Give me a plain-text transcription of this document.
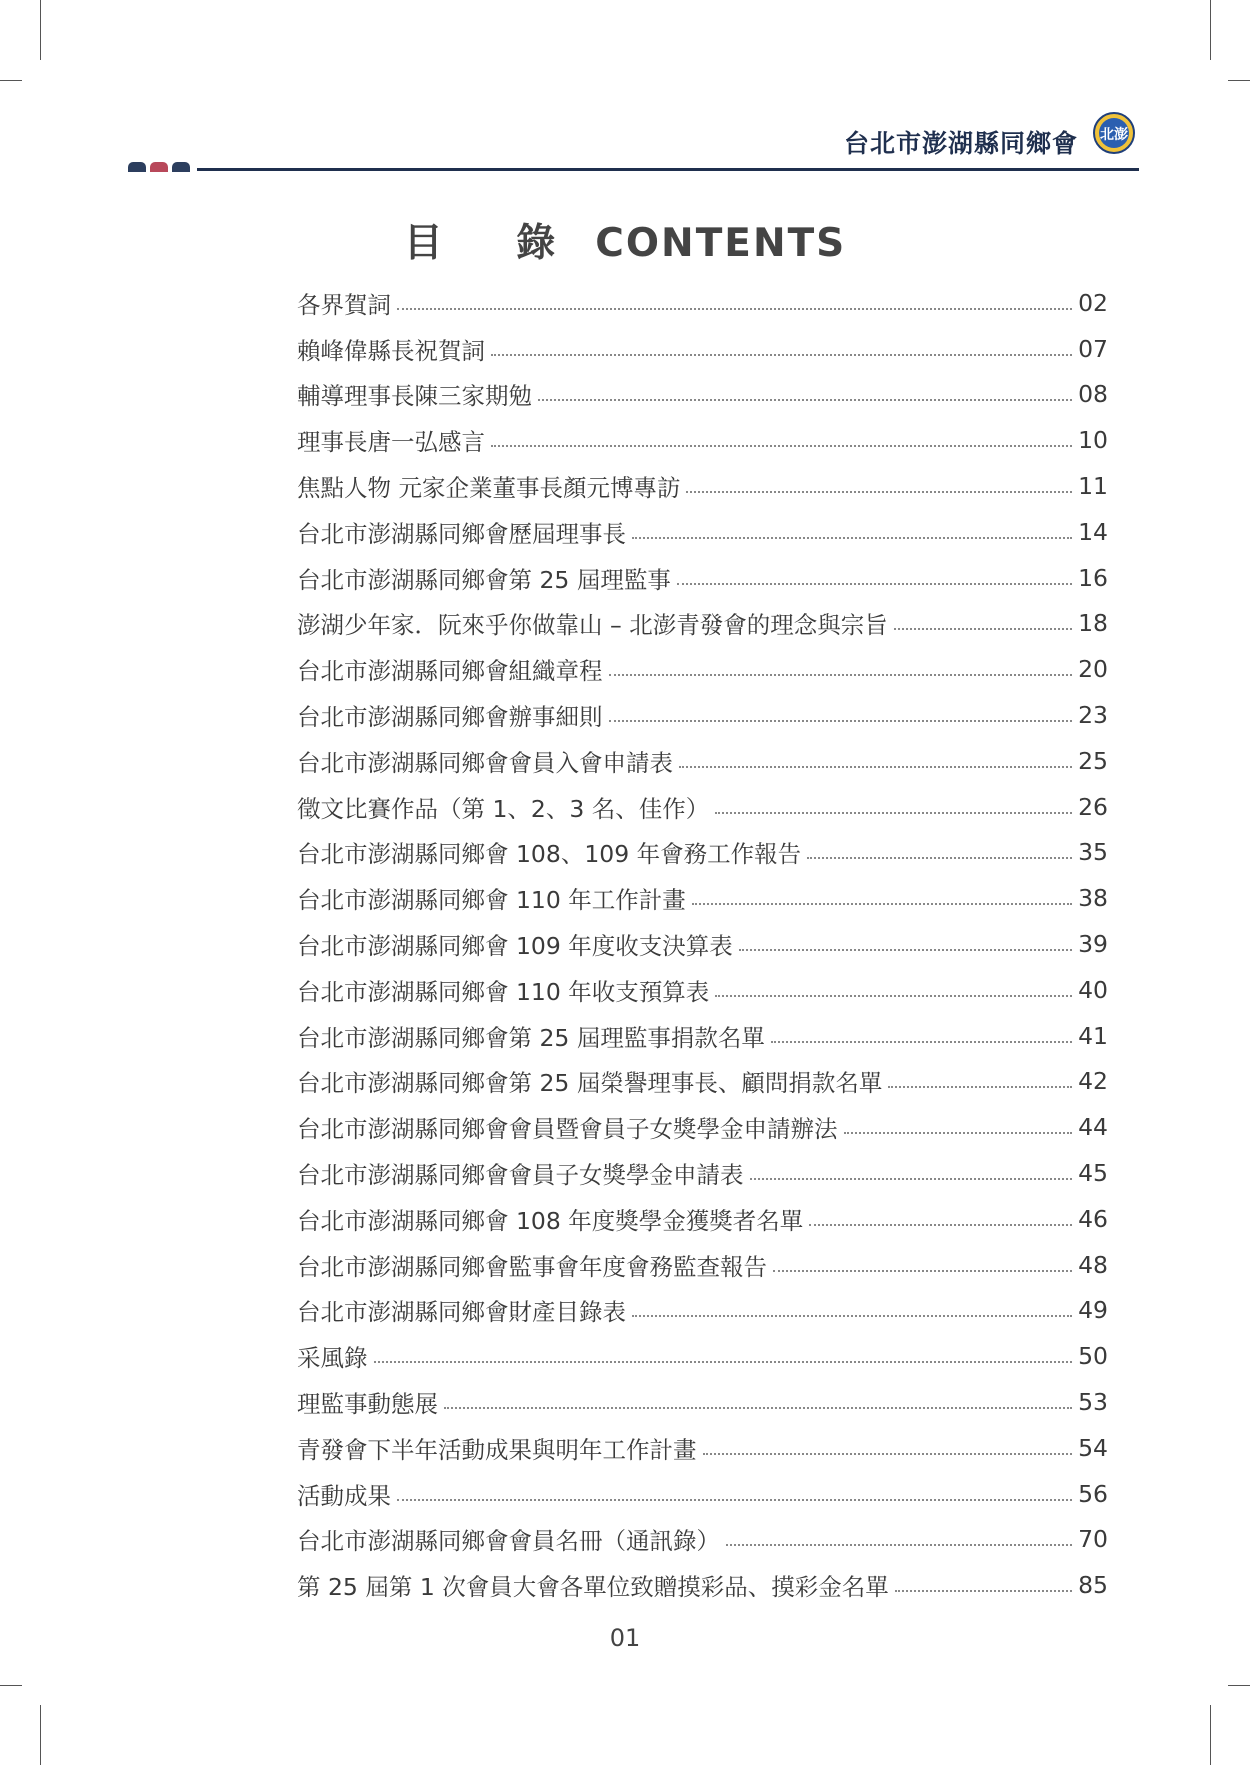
台北市澎湖縣同鄉會 北澎
目 錄 CONTENTS
各界賀詞	02
賴峰偉縣長祝賀詞	07
輔導理事長陳三家期勉	08
理事長唐一弘感言	10
焦點人物 元家企業董事長顏元博專訪	11
台北市澎湖縣同鄉會歷屆理事長	14
台北市澎湖縣同鄉會第 25 屆理監事	16
澎湖少年家．阮來乎你做靠山 – 北澎青發會的理念與宗旨	18
台北市澎湖縣同鄉會組織章程	20
台北市澎湖縣同鄉會辦事細則	23
台北市澎湖縣同鄉會會員入會申請表	25
徵文比賽作品（第 1、2、3 名、佳作）	26
台北市澎湖縣同鄉會 108、109 年會務工作報告	35
台北市澎湖縣同鄉會 110 年工作計畫	38
台北市澎湖縣同鄉會 109 年度收支決算表	39
台北市澎湖縣同鄉會 110 年收支預算表	40
台北市澎湖縣同鄉會第 25 屆理監事捐款名單	41
台北市澎湖縣同鄉會第 25 屆榮譽理事長、顧問捐款名單	42
台北市澎湖縣同鄉會會員暨會員子女獎學金申請辦法	44
台北市澎湖縣同鄉會會員子女獎學金申請表	45
台北市澎湖縣同鄉會 108 年度獎學金獲獎者名單	46
台北市澎湖縣同鄉會監事會年度會務監查報告	48
台北市澎湖縣同鄉會財產目錄表	49
采風錄	50
理監事動態展	53
青發會下半年活動成果與明年工作計畫	54
活動成果	56
台北市澎湖縣同鄉會會員名冊（通訊錄）	70
第 25 屆第 1 次會員大會各單位致贈摸彩品、摸彩金名單	85
01
